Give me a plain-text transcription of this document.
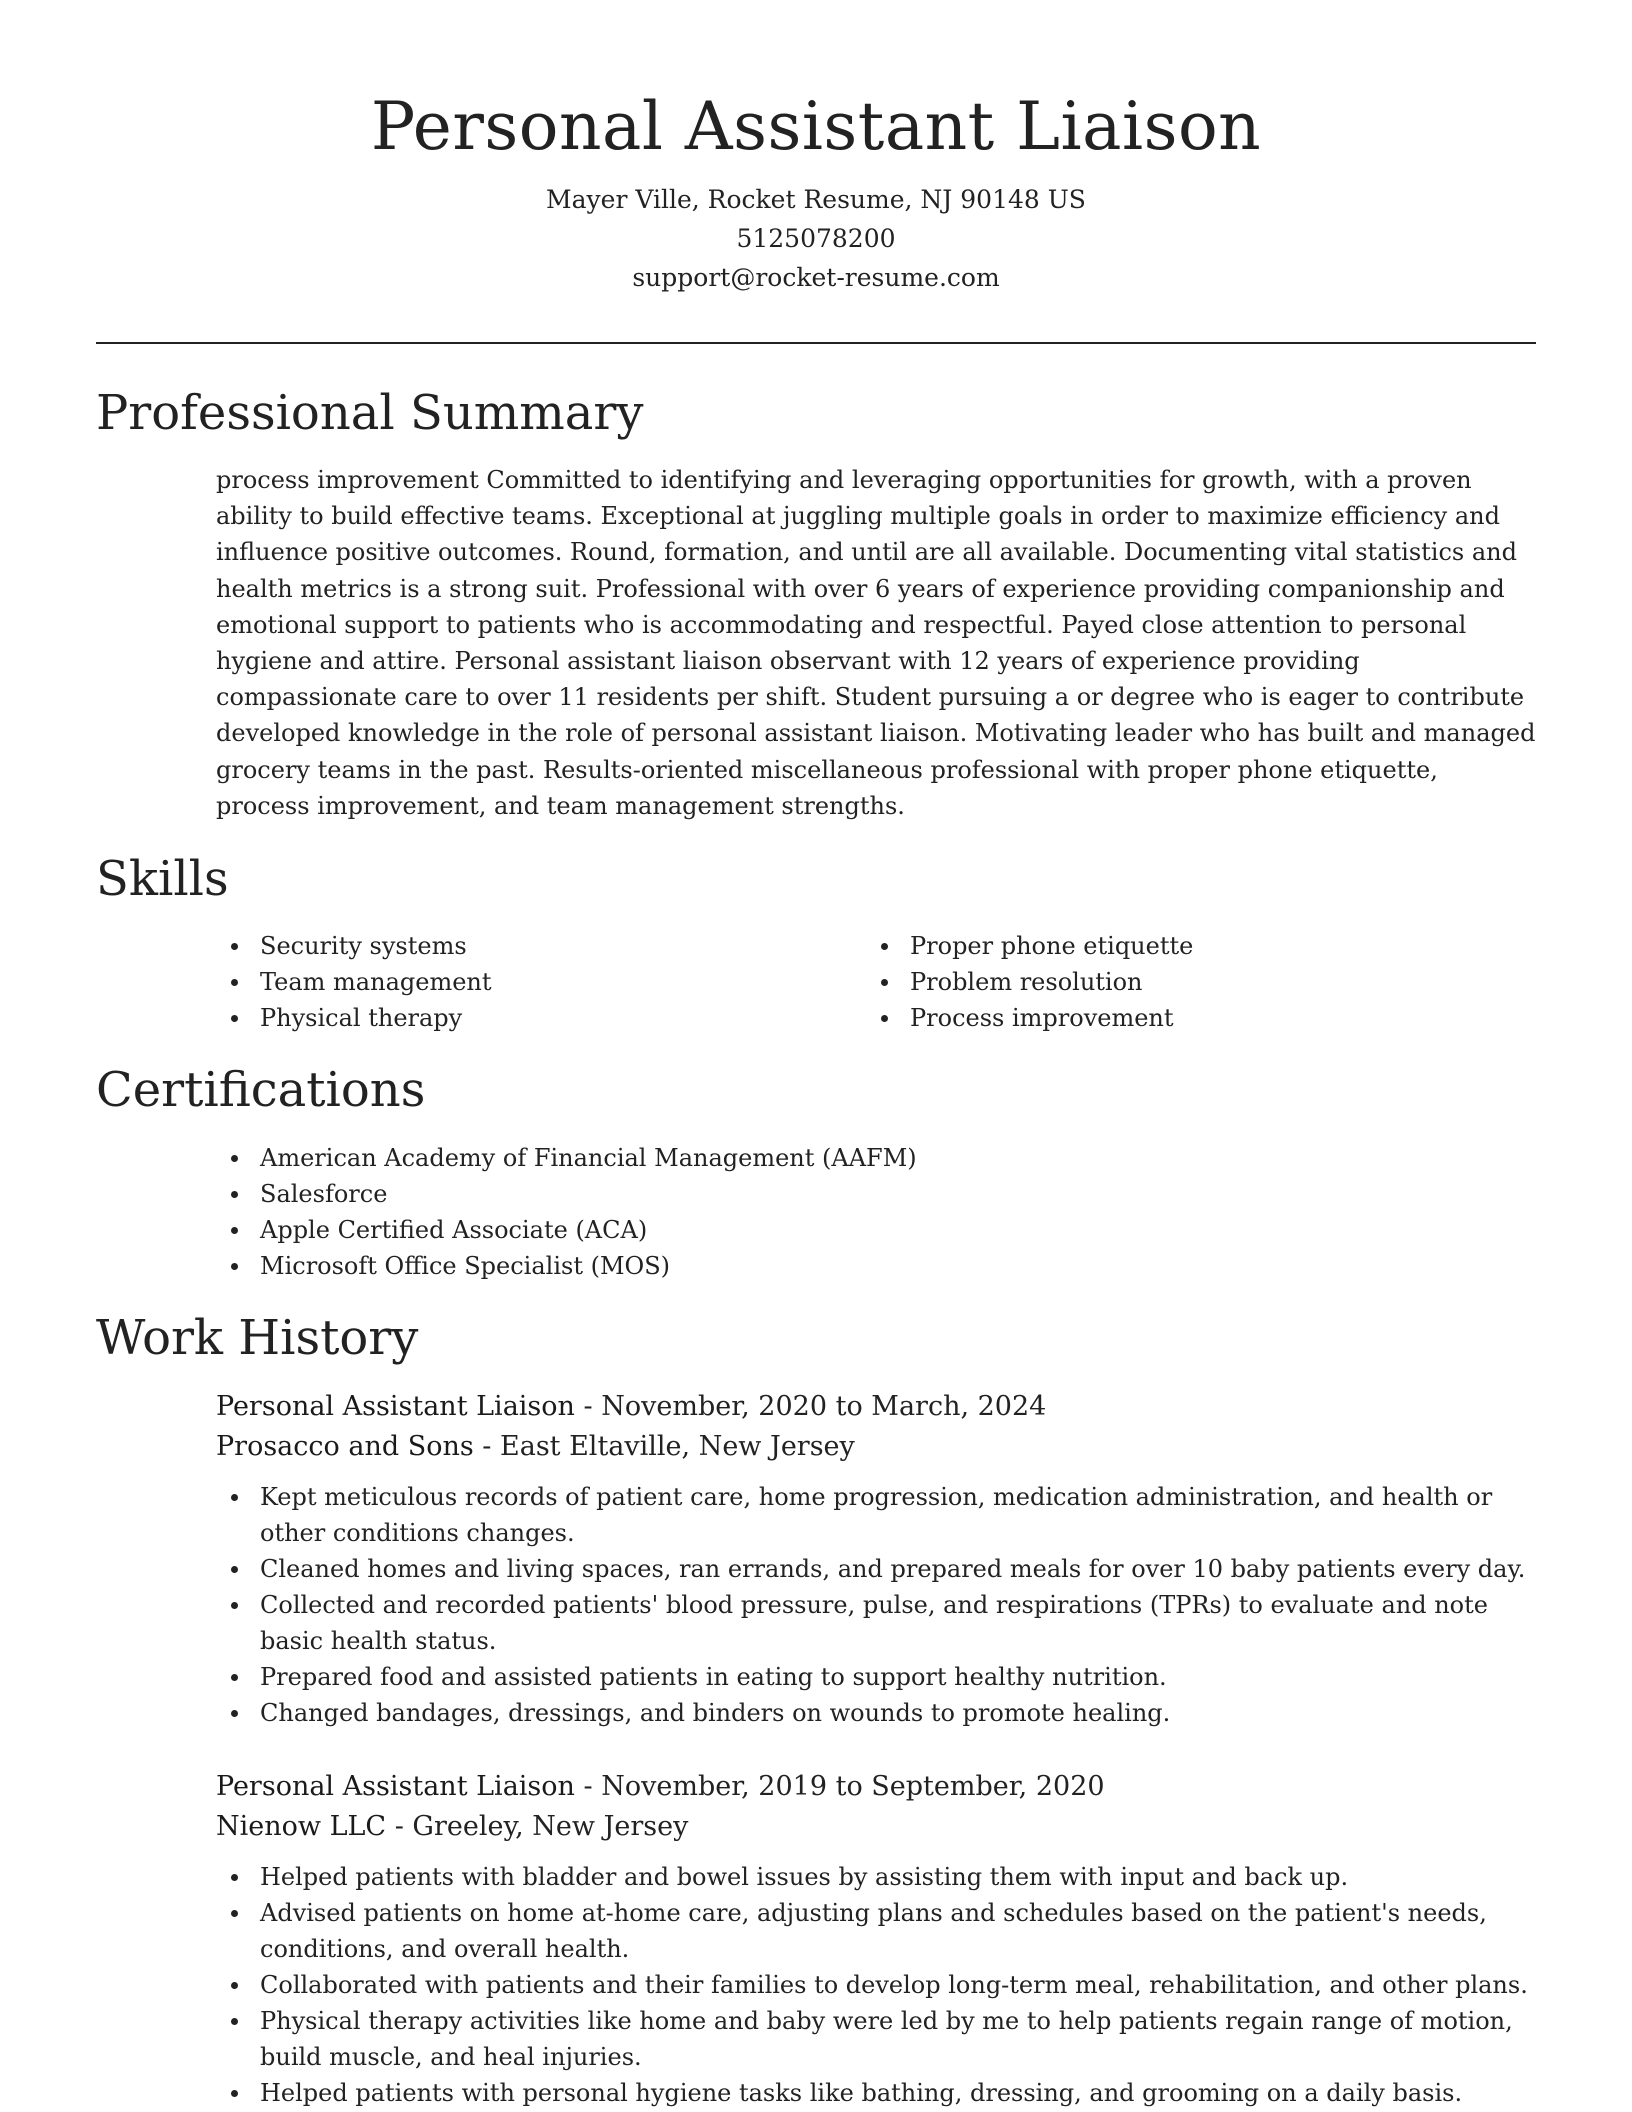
Personal Assistant Liaison
Mayer Ville, Rocket Resume, NJ 90148 US
5125078200
support@rocket-resume.com
Professional Summary

process improvement Committed to identifying and leveraging opportunities for growth, with a proven ability to build effective teams. Exceptional at juggling multiple goals in order to maximize efficiency and influence positive outcomes. Round, formation, and until are all available. Documenting vital statistics and health metrics is a strong suit. Professional with over 6 years of experience providing companionship and emotional support to patients who is accommodating and respectful. Payed close attention to personal hygiene and attire. Personal assistant liaison observant with 12 years of experience providing compassionate care to over 11 residents per shift. Student pursuing a or degree who is eager to contribute developed knowledge in the role of personal assistant liaison. Motivating leader who has built and managed grocery teams in the past. Results-oriented miscellaneous professional with proper phone etiquette, process improvement, and team management strengths.

Skills
Security systems
Team management
Physical therapy
Proper phone etiquette
Problem resolution
Process improvement
Certifications
American Academy of Financial Management (AAFM)
Salesforce
Apple Certified Associate (ACA)
Microsoft Office Specialist (MOS)
Work History

Personal Assistant Liaison - November, 2020 to March, 2024

Prosacco and Sons - East Eltaville, New Jersey

Kept meticulous records of patient care, home progression, medication administration, and health or other conditions changes.
Cleaned homes and living spaces, ran errands, and prepared meals for over 10 baby patients every day.
Collected and recorded patients' blood pressure, pulse, and respirations (TPRs) to evaluate and note basic health status.
Prepared food and assisted patients in eating to support healthy nutrition.
Changed bandages, dressings, and binders on wounds to promote healing.

Personal Assistant Liaison - November, 2019 to September, 2020

Nienow LLC - Greeley, New Jersey

Helped patients with bladder and bowel issues by assisting them with input and back up.
Advised patients on home at-home care, adjusting plans and schedules based on the patient's needs, conditions, and overall health.
Collaborated with patients and their families to develop long-term meal, rehabilitation, and other plans.
Physical therapy activities like home and baby were led by me to help patients regain range of motion, build muscle, and heal injuries.
Helped patients with personal hygiene tasks like bathing, dressing, and grooming on a daily basis.
